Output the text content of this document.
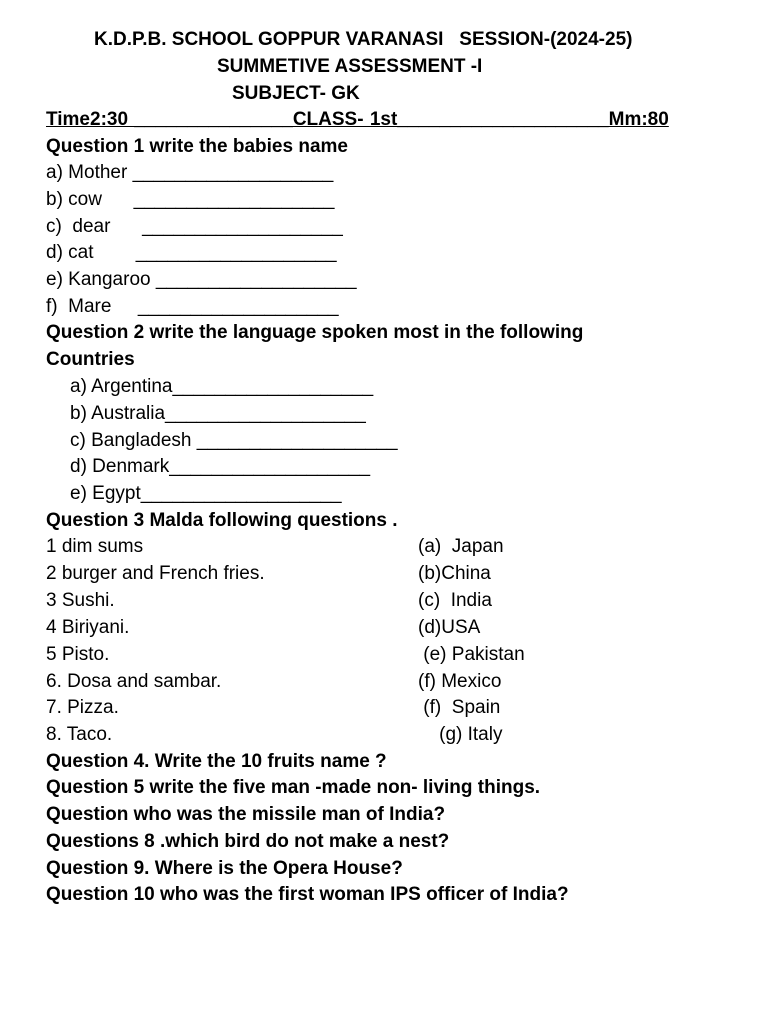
K.D.P.B. SCHOOL GOPPUR VARANASI   SESSION-(2024-25)
SUMMETIVE ASSESSMENT -I
SUBJECT- GK
Time2:30 _______________CLASS- 1st____________________Mm:80
Question 1 write the babies name
a) Mother ___________________
b) cow      ___________________
c)  dear      ___________________
d) cat        ___________________
e) Kangaroo ___________________
f)  Mare     ___________________
Question 2 write the language spoken most in the following
Countries
a) Argentina___________________
b) Australia___________________
c) Bangladesh ___________________
d) Denmark___________________
e) Egypt___________________
Question 3 Malda following questions .
1 dim sums
2 burger and French fries.
3 Sushi.
4 Biriyani.
5 Pisto.
6. Dosa and sambar.
7. Pizza.
8. Taco.
(a)  Japan
(b)China
(c)  India
(d)USA
(e) Pakistan
(f) Mexico
(f)  Spain
(g) Italy
Question 4. Write the 10 fruits name ?
Question 5 write the five man -made non- living things.
Question who was the missile man of India?
Questions 8 .which bird do not make a nest?
Question 9. Where is the Opera House?
Question 10 who was the first woman IPS officer of India?
